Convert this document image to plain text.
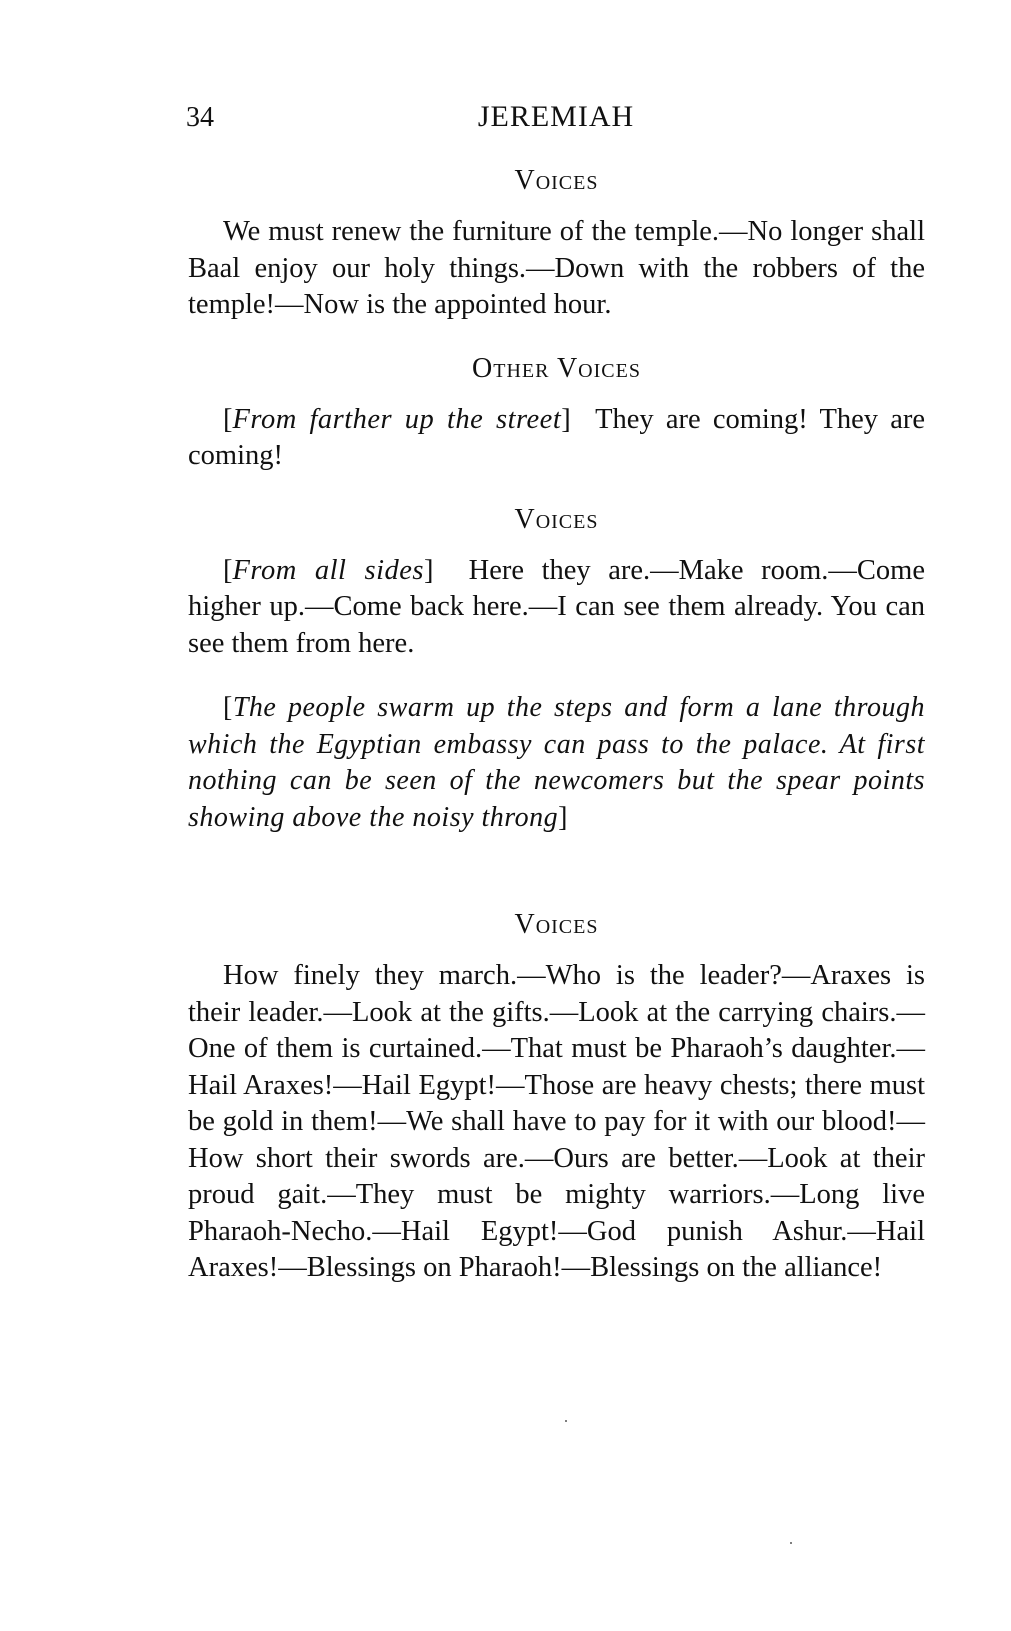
34	JEREMIAH
Voices

We must renew the furniture of the temple.—No longer shall Baal enjoy our holy things.—Down with the robbers of the temple!—Now is the appointed hour.

Other Voices

[From farther up the street] They are coming! They are coming!

Voices

[From all sides] Here they are.—Make room.—Come higher up.—Come back here.—I can see them already. You can see them from here.

[The people swarm up the steps and form a lane through which the Egyptian embassy can pass to the palace. At first nothing can be seen of the newcomers but the spear points showing above the noisy throng]

Voices

How finely they march.—Who is the leader?—Araxes is their leader.—Look at the gifts.—Look at the carrying chairs.—One of them is curtained.—That must be Pharaoh’s daughter.—Hail Araxes!—Hail Egypt!—Those are heavy chests; there must be gold in them!—We shall have to pay for it with our blood!—How short their swords are.—Ours are better.—Look at their proud gait.—They must be mighty warriors.—Long live Pharaoh-Necho.—Hail Egypt!—God punish Ashur.—Hail Araxes!—Blessings on Pharaoh!—Blessings on the alliance!
